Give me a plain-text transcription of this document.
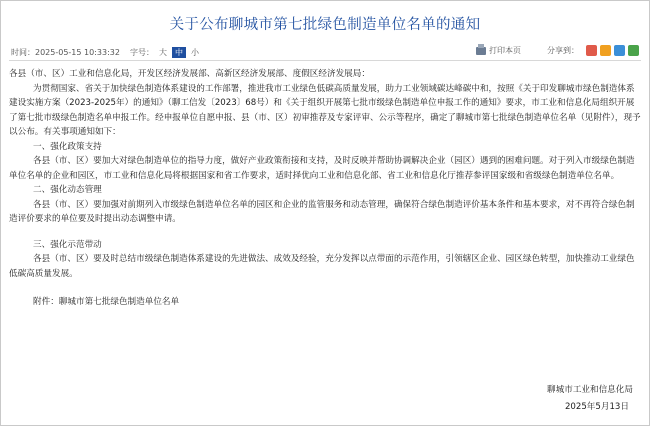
关于公布聊城市第七批绿色制造单位名单的通知
时间：2025-05-15 10:33:32 字号： 大	中	小	打印本页	分享到：

各县（市、区）工业和信息化局，开发区经济发展部、高新区经济发展部、度假区经济发展局：

为贯彻国家、省关于加快绿色制造体系建设的工作部署，推进我市工业绿色低碳高质量发展，助力工业领域碳达峰碳中和，按照《关于印发聊城市绿色制造体系建设实施方案（2023-2025年）的通知》（聊工信发〔2023〕68号）和《关于组织开展第七批市级绿色制造单位申报工作的通知》要求，市工业和信息化局组织开展了第七批市级绿色制造名单申报工作。经申报单位自愿申报、县（市、区）初审推荐及专家评审、公示等程序，确定了聊城市第七批绿色制造单位名单（见附件），现予以公布。有关事项通知如下：

一、强化政策支持

各县（市、区）要加大对绿色制造单位的指导力度，做好产业政策衔接和支持，及时反映并帮助协调解决企业（园区）遇到的困难问题。对于列入市级绿色制造单位名单的企业和园区，市工业和信息化局将根据国家和省工作要求，适时择优向工业和信息化部、省工业和信息化厅推荐参评国家级和省级绿色制造单位名单。

二、强化动态管理

各县（市、区）要加强对前期列入市级绿色制造单位名单的园区和企业的监管服务和动态管理，确保符合绿色制造评价基本条件和基本要求，对不再符合绿色制造评价要求的单位要及时提出动态调整申请。

三、强化示范带动

各县（市、区）要及时总结市级绿色制造体系建设的先进做法、成效及经验，充分发挥以点带面的示范作用，引领辖区企业、园区绿色转型，加快推动工业绿色低碳高质量发展。

附件：聊城市第七批绿色制造单位名单

聊城市工业和信息化局
2025年5月13日
